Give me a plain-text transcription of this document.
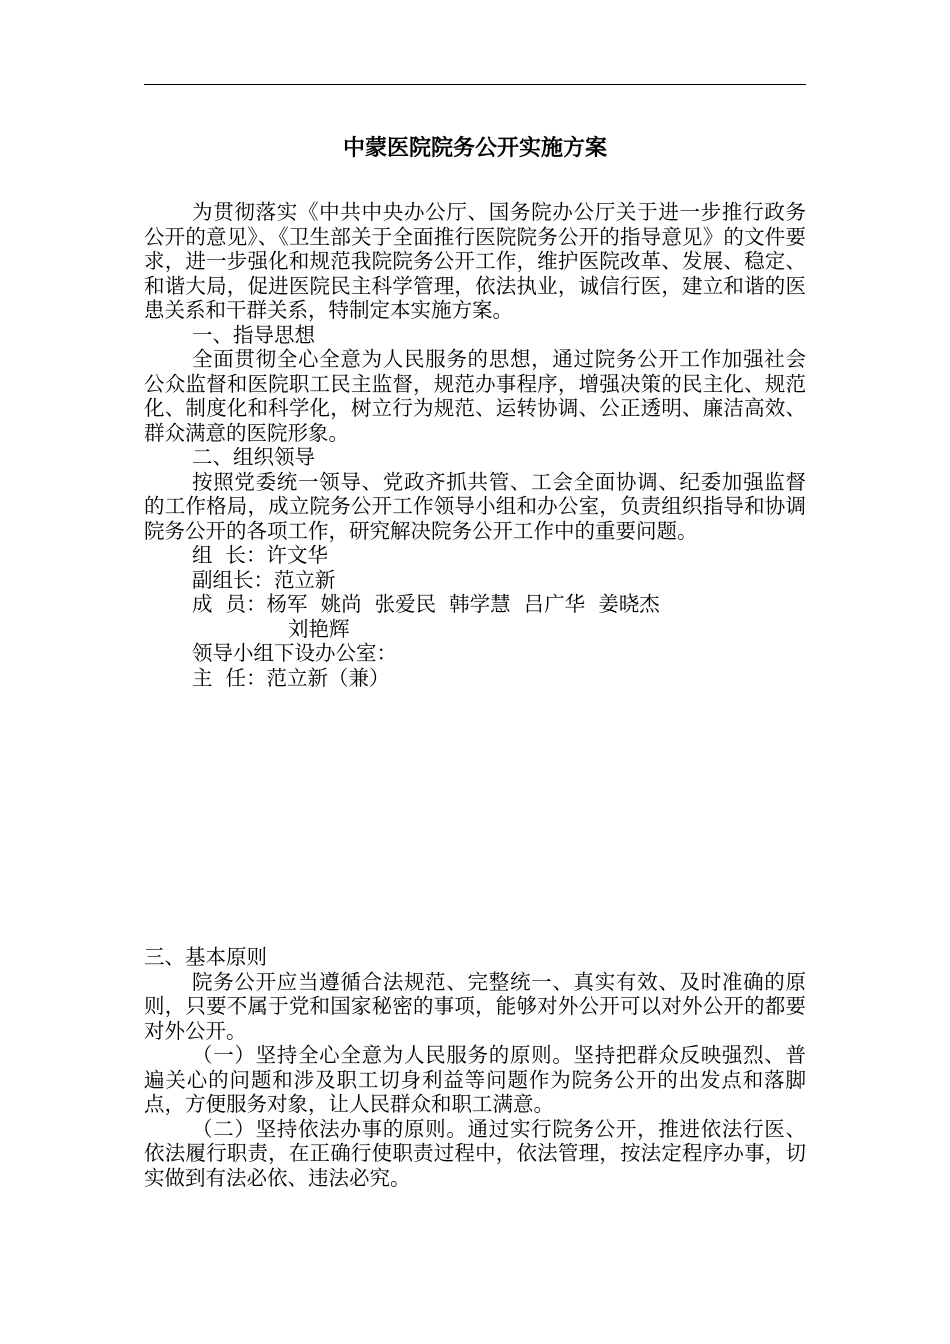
中蒙医院院务公开实施方案

为贯彻落实《中共中央办公厅、国务院办公厅关于进一步推行政务公开的意见》、《卫生部关于全面推行医院院务公开的指导意见》的文件要求，进一步强化和规范我院院务公开工作，维护医院改革、发展、稳定、和谐大局，促进医院民主科学管理，依法执业，诚信行医，建立和谐的医患关系和干群关系，特制定本实施方案。

一、指导思想

全面贯彻全心全意为人民服务的思想，通过院务公开工作加强社会公众监督和医院职工民主监督，规范办事程序，增强决策的民主化、规范化、制度化和科学化，树立行为规范、运转协调、公正透明、廉洁高效、群众满意的医院形象。

二、组织领导

按照党委统一领导、党政齐抓共管、工会全面协调、纪委加强监督的工作格局，成立院务公开工作领导小组和办公室，负责组织指导和协调院务公开的各项工作，研究解决院务公开工作中的重要问题。

组  长：许文华

副组长：范立新

成  员：杨军  姚尚  张爱民  韩学慧  吕广华  姜晓杰

刘艳辉

领导小组下设办公室：

主  任：范立新（兼）

三、基本原则

院务公开应当遵循合法规范、完整统一、真实有效、及时准确的原则，只要不属于党和国家秘密的事项，能够对外公开可以对外公开的都要对外公开。

（一）坚持全心全意为人民服务的原则。坚持把群众反映强烈、普遍关心的问题和涉及职工切身利益等问题作为院务公开的出发点和落脚点，方便服务对象，让人民群众和职工满意。

（二）坚持依法办事的原则。通过实行院务公开，推进依法行医、依法履行职责，在正确行使职责过程中，依法管理，按法定程序办事，切实做到有法必依、违法必究。
